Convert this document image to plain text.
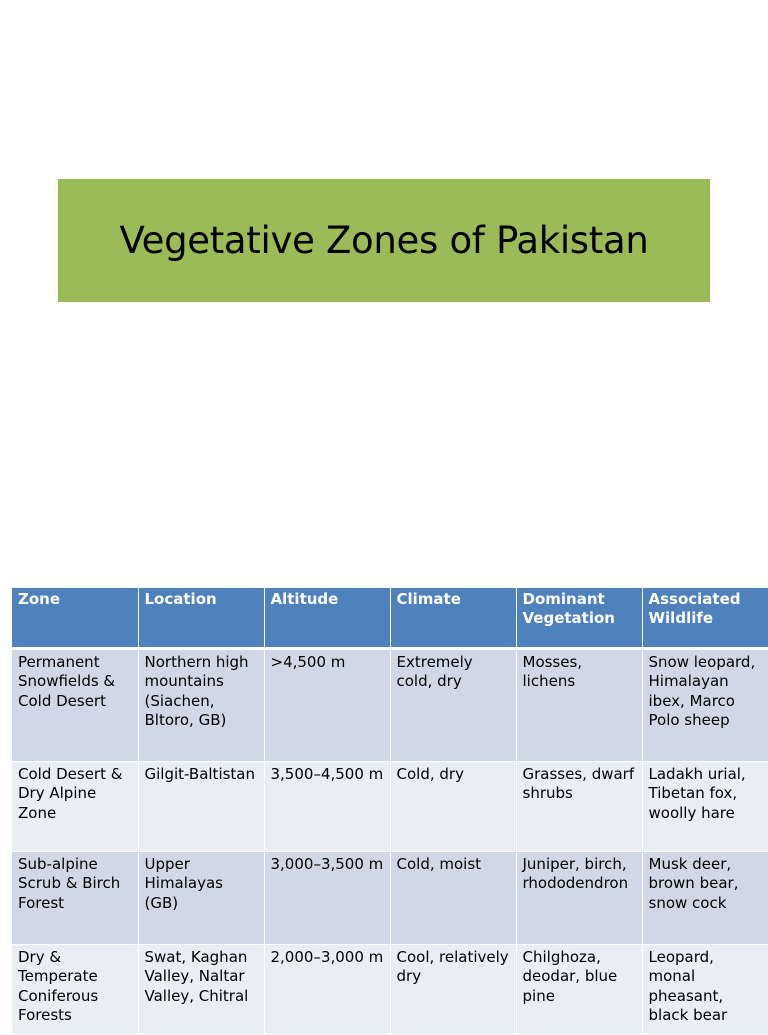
Vegetative Zones of Pakistan
Zone	Location	Altitude	Climate	Dominant Vegetation	Associated Wildlife
Permanent Snowfields & Cold Desert	Northern high mountains (Siachen, Bltoro, GB)	>4,500 m	Extremely cold, dry	Mosses, lichens	Snow leopard, Himalayan ibex, Marco Polo sheep
Cold Desert & Dry Alpine Zone	Gilgit-Baltistan	3,500–4,500 m	Cold, dry	Grasses, dwarf shrubs	Ladakh urial, Tibetan fox, woolly hare
Sub-alpine Scrub & Birch Forest	Upper Himalayas (GB)	3,000–3,500 m	Cold, moist	Juniper, birch, rhododendron	Musk deer, brown bear, snow cock
Dry & Temperate Coniferous Forests	Swat, Kaghan Valley, Naltar Valley, Chitral	2,000–3,000 m	Cool, relatively dry	Chilghoza, deodar, blue pine	Leopard, monal pheasant, black bear
